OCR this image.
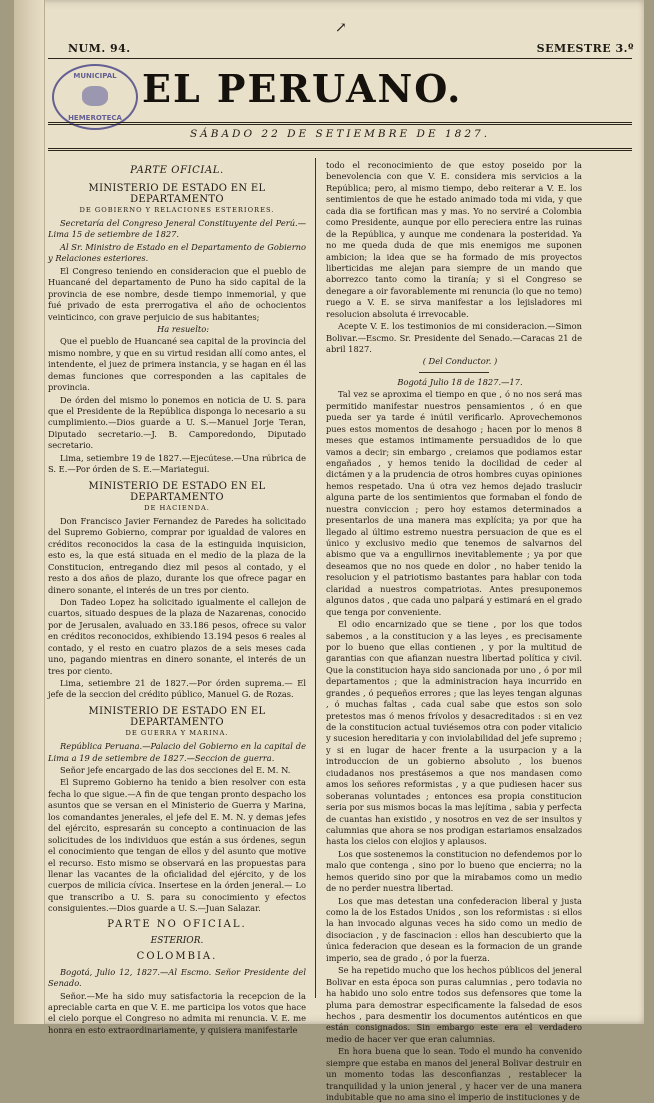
NUM. 94.	SEMESTRE 3.º
↗
MUNICIPAL
HEMEROTECA
EL PERUANO.
SÁBADO 22 DE SETIEMBRE DE 1827.
PARTE OFICIAL.
MINISTERIO DE ESTADO EN EL DEPARTAMENTO
DE GOBIERNO Y RELACIONES ESTERIORES.

Secretaría del Congreso Jeneral Constituyente del Perú.— Lima 15 de setiembre de 1827.

Al Sr. Ministro de Estado en el Departamento de Gobierno y Relaciones esteriores.

El Congreso teniendo en consideracion que el pueblo de Huancané del departamento de Puno ha sido capital de la provincia de ese nombre, desde tiempo inmemorial, y que fué privado de esta prerrogativa el año de ochocientos veinticinco, con grave perjuicio de sus habitantes;

Ha resuelto:

Que el pueblo de Huancané sea capital de la provincia del mismo nombre, y que en su virtud residan allí como antes, el intendente, el juez de primera instancia, y se hagan en él las demas funciones que corresponden a las capitales de provincia.

De órden del mismo lo ponemos en noticia de U. S. para que el Presidente de la República disponga lo necesario a su cumplimiento.—Dios guarde a U. S.—Manuel Jorje Teran, Diputado secretario.—J. B. Camporedondo, Diputado secretario.

Lima, setiembre 19 de 1827.—Ejecútese.—Una rúbrica de S. E.—Por órden de S. E.—Mariategui.

MINISTERIO DE ESTADO EN EL DEPARTAMENTO
DE HACIENDA.

Don Francisco Javier Fernandez de Paredes ha solicitado del Supremo Gobierno, comprar por igualdad de valores en créditos reconocidos la casa de la estinguida inquisicion, esto es, la que está situada en el medio de la plaza de la Constitucion, entregando diez mil pesos al contado, y el resto a dos años de plazo, durante los que ofrece pagar en dinero sonante, el interés de un tres por ciento.

Don Tadeo Lopez ha solicitado igualmente el callejon de cuartos, situado despues de la plaza de Nazarenas, conocido por de Jerusalen, avaluado en 33.186 pesos, ofrece su valor en créditos reconocidos, exhibiendo 13.194 pesos 6 reales al contado, y el resto en cuatro plazos de a seis meses cada uno, pagando mientras en dinero sonante, el interés de un tres por ciento.

Lima, setiembre 21 de 1827.—Por órden suprema.— El jefe de la seccion del crédito público, Manuel G. de Rozas.

MINISTERIO DE ESTADO EN EL DEPARTAMENTO
DE GUERRA Y MARINA.

República Peruana.—Palacio del Gobierno en la capital de Lima a 19 de setiembre de 1827.—Seccion de guerra.

Señor jefe encargado de las dos secciones del E. M. N.

El Supremo Gobierno ha tenido a bien resolver con esta fecha lo que sigue.—A fin de que tengan pronto despacho los asuntos que se versan en el Ministerio de Guerra y Marina, los comandantes jenerales, el jefe del E. M. N. y demas jefes del ejército, espresarán su concepto a continuacion de las solicitudes de los individuos que están a sus órdenes, segun el conocimiento que tengan de ellos y del asunto que motive el recurso. Esto mismo se observará en las propuestas para llenar las vacantes de la oficialidad del ejército, y de los cuerpos de milicia cívica. Insertese en la órden jeneral.— Lo que transcribo a U. S. para su conocimiento y efectos consiguientes.—Dios guarde a U. S.—Juan Salazar.

PARTE NO OFICIAL.
ESTERIOR.
COLOMBIA.

Bogotá, Julio 12, 1827.—Al Escmo. Señor Presidente del Senado.

Señor.—Me ha sido muy satisfactoria la recepcion de la apreciable carta en que V. E. me participa los votos que hace el cielo porque el Congreso no admita mi renuncia. V. E. me honra en esto extraordinariamente, y quisiera manifestarle

todo el reconocimiento de que estoy poseido por la benevolencia con que V. E. considera mis servicios a la República; pero, al mismo tiempo, debo reiterar a V. E. los sentimientos de que he estado animado toda mi vida, y que cada dia se fortifican mas y mas. Yo no serviré a Colombia como Presidente, aunque por ello pereciera entre las ruinas de la República, y aunque me condenara la posteridad. Ya no me queda duda de que mis enemigos me suponen ambicion; la idea que se ha formado de mis proyectos liberticidas me alejan para siempre de un mando que aborrezco tanto como la tiranía; y si el Congreso se denegare a oir favorablemente mi renuncia (lo que no temo) ruego a V. E. se sirva manifestar a los lejisladores mi resolucion absoluta é irrevocable.

Acepte V. E. los testimonios de mi consideracion.—Simon Bolivar.—Escmo. Sr. Presidente del Senado.—Caracas 21 de abril 1827.

( Del Conductor. )

Bogotá Julio 18 de 1827.—17.

Tal vez se aproxima el tiempo en que , ó no nos será mas permitido manifestar nuestros pensamientos , ó en que pueda ser ya tarde é inútil verificarlo. Aprovechemonos pues estos momentos de desahogo ; hacen por lo menos 8 meses que estamos intimamente persuadidos de lo que vamos a decir; sin embargo , creiamos que podiamos estar engañados , y hemos tenido la docilidad de ceder al dictámen y a la prudencia de otros hombres cuyas opiniones hemos respetado. Una ú otra vez hemos dejado traslucir alguna parte de los sentimientos que formaban el fondo de nuestra conviccion ; pero hoy estamos determinados a presentarlos de una manera mas explícita; ya por que ha llegado al último estremo nuestra persuacion de que es el único y exclusivo medio que tenemos de salvarnos del abismo que va a engullirnos inevitablemente ; ya por que deseamos que no nos quede en dolor , no haber tenido la resolucion y el patriotismo bastantes para hablar con toda claridad a nuestros compatriotas. Antes presuponemos algunos datos , que cada uno palpará y estimará en el grado que tenga por conveniente.

El odio encarnizado que se tiene , por los que todos sabemos , a la constitucion y a las leyes , es precisamente por lo bueno que ellas contienen , y por la multitud de garantias con que afianzan nuestra libertad política y civil. Que la constitucion haya sido sancionada por uno , ó por mil departamentos ; que la administracion haya incurrido en grandes , ó pequeños errores ; que las leyes tengan algunas , ó muchas faltas , cada cual sabe que estos son solo pretestos mas ó menos frívolos y desacreditados : si en vez de la constitucion actual tuviésemos otra con poder vitalicio y sucesion hereditaria y con inviolabilidad del jefe supremo ; y si en lugar de hacer frente a la usurpacion y a la introduccion de un gobierno absoluto , los buenos ciudadanos nos prestásemos a que nos mandasen como amos los señores reformistas , y a que pudiesen hacer sus soberanas voluntades ; entonces esa propia constitucion seria por sus mismos bocas la mas lejítima , sabia y perfecta de cuantas han existido , y nosotros en vez de ser insultos y calumnias que ahora se nos prodigan estariamos ensalzados hasta los cielos con elojios y aplausos.

Los que sostenemos la constitucion no defendemos por lo malo que contenga , sino por lo bueno que encierra; no la hemos querido sino por que la mirabamos como un medio de no perder nuestra libertad.

Los que mas detestan una confederacion liberal y justa como la de los Estados Unidos , son los reformistas : si ellos la han invocado algunas veces ha sido como un medio de disociacion , y de fascinacion : ellos han descubierto que la única federacion que desean es la formacion de un grande imperio, sea de grado , ó por la fuerza.

Se ha repetido mucho que los hechos públicos del jeneral Bolivar en esta época son puras calumnias , pero todavia no ha habido uno solo entre todos sus defensores que tome la pluma para demostrar especificamente la falsedad de esos hechos , para desmentir los documentos auténticos en que están consignados. Sin embargo este era el verdadero medio de hacer ver que eran calumnias.

En hora buena que lo sean. Todo el mundo ha convenido siempre que estaba en manos del jeneral Bolivar destruir en un momento todas las desconfianzas , restablecer la tranquilidad y la union jeneral , y hacer ver de una manera indubitable que no ama sino el imperio de instituciones y de
